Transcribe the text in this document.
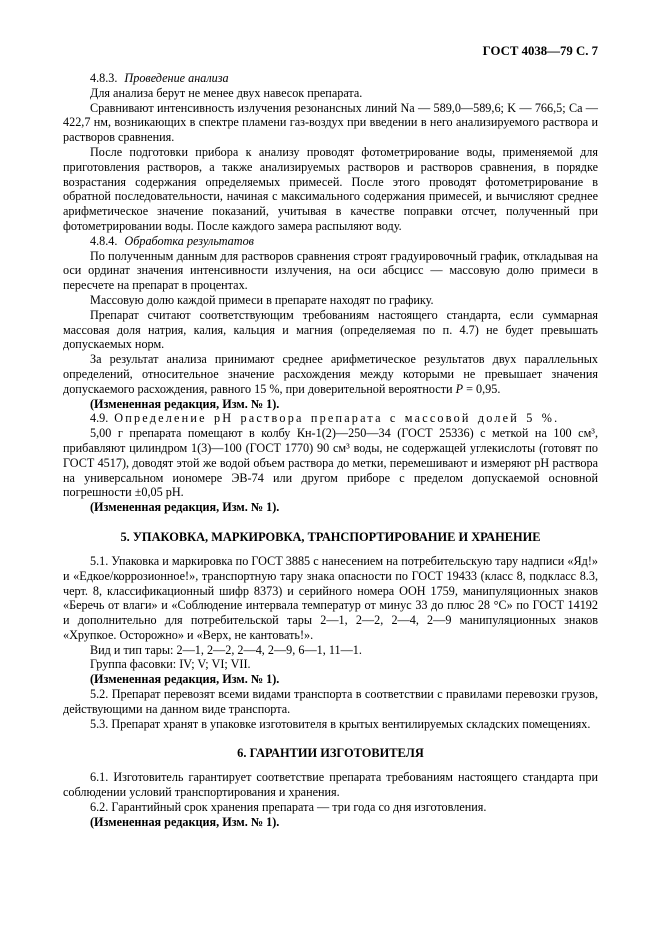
ГОСТ 4038—79 С. 7

4.8.3. Проведение анализа

Для анализа берут не менее двух навесок препарата.

Сравнивают интенсивность излучения резонансных линий Na — 589,0—589,6; K — 766,5; Ca — 422,7 нм, возникающих в спектре пламени газ-воздух при введении в него анализируемого раствора и растворов сравнения.

После подготовки прибора к анализу проводят фотометрирование воды, применяемой для приготовления растворов, а также анализируемых растворов и растворов сравнения, в порядке возрастания содержания определяемых примесей. После этого проводят фотометрирование в обратной последовательности, начиная с максимального содержания примесей, и вычисляют среднее арифметическое значение показаний, учитывая в качестве поправки отсчет, полученный при фотометрировании воды. После каждого замера распыляют воду.

4.8.4. Обработка результатов

По полученным данным для растворов сравнения строят градуировочный график, откладывая на оси ординат значения интенсивности излучения, на оси абсцисс — массовую долю примеси в пересчете на препарат в процентах.

Массовую долю каждой примеси в препарате находят по графику.

Препарат считают соответствующим требованиям настоящего стандарта, если суммарная массовая доля натрия, калия, кальция и магния (определяемая по п. 4.7) не будет превышать допускаемых норм.

За результат анализа принимают среднее арифметическое результатов двух параллельных определений, относительное значение расхождения между которыми не превышает значения допускаемого расхождения, равного 15 %, при доверительной вероятности Р = 0,95.

(Измененная редакция, Изм. № 1).

4.9. Определение рН раствора препарата с массовой долей 5 %.

5,00 г препарата помещают в колбу Кн-1(2)—250—34 (ГОСТ 25336) с меткой на 100 см³, прибавляют цилиндром 1(3)—100 (ГОСТ 1770) 90 см³ воды, не содержащей углекислоты (готовят по ГОСТ 4517), доводят этой же водой объем раствора до метки, перемешивают и измеряют рН раствора на универсальном иономере ЭВ-74 или другом приборе с пределом допускаемой основной погрешности ±0,05 рН.

(Измененная редакция, Изм. № 1).

5. УПАКОВКА, МАРКИРОВКА, ТРАНСПОРТИРОВАНИЕ И ХРАНЕНИЕ

5.1. Упаковка и маркировка по ГОСТ 3885 с нанесением на потребительскую тару надписи «Яд!» и «Едкое/коррозионное!», транспортную тару знака опасности по ГОСТ 19433 (класс 8, подкласс 8.3, черт. 8, классификационный шифр 8373) и серийного номера ООН 1759, манипуляционных знаков «Беречь от влаги» и «Соблюдение интервала температур от минус 33 до плюс 28 °С» по ГОСТ 14192 и дополнительно для потребительской тары 2—1, 2—2, 2—4, 2—9 манипуляционных знаков «Хрупкое. Осторожно» и «Верх, не кантовать!».

Вид и тип тары: 2—1, 2—2, 2—4, 2—9, 6—1, 11—1.

Группа фасовки: IV; V; VI; VII.

(Измененная редакция, Изм. № 1).

5.2. Препарат перевозят всеми видами транспорта в соответствии с правилами перевозки грузов, действующими на данном виде транспорта.

5.3. Препарат хранят в упаковке изготовителя в крытых вентилируемых складских помещениях.

6. ГАРАНТИИ ИЗГОТОВИТЕЛЯ

6.1. Изготовитель гарантирует соответствие препарата требованиям настоящего стандарта при соблюдении условий транспортирования и хранения.

6.2. Гарантийный срок хранения препарата — три года со дня изготовления.

(Измененная редакция, Изм. № 1).
